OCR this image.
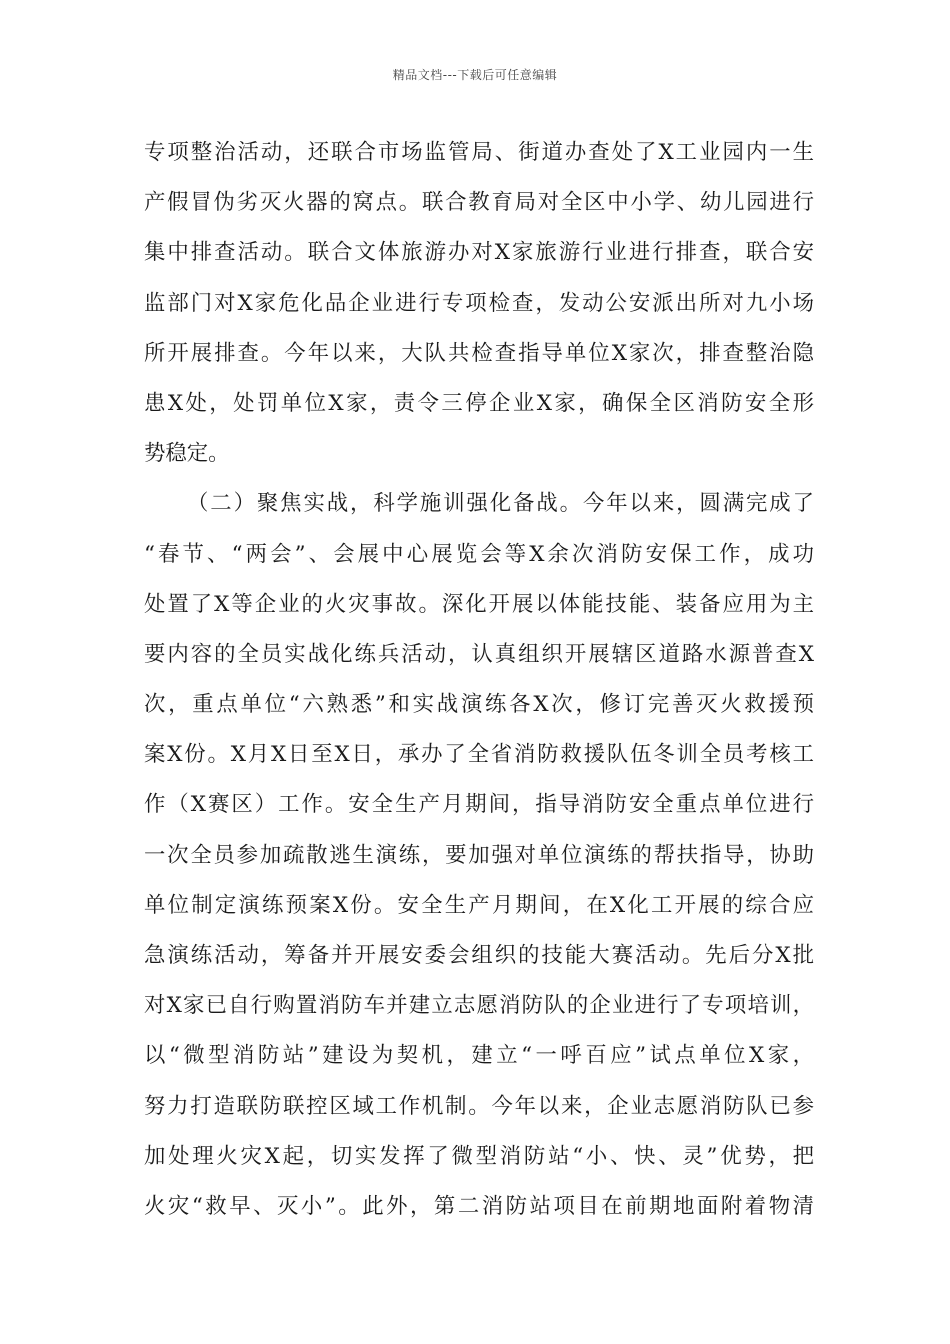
精品文档---下载后可任意编辑
专项整治活动，还联合市场监管局、街道办查处了X工业园内一生
产假冒伪劣灭火器的窝点。联合教育局对全区中小学、幼儿园进行
集中排查活动。联合文体旅游办对X家旅游行业进行排查，联合安
监部门对X家危化品企业进行专项检查，发动公安派出所对九小场
所开展排查。今年以来，大队共检查指导单位X家次，排查整治隐
患X处，处罚单位X家，责令三停企业X家，确保全区消防安全形
势稳定。
（二）聚焦实战，科学施训强化备战。今年以来，圆满完成了
“春节、“两会”、会展中心展览会等X余次消防安保工作，成功
处置了X等企业的火灾事故。深化开展以体能技能、装备应用为主
要内容的全员实战化练兵活动，认真组织开展辖区道路水源普查X
次，重点单位“六熟悉”和实战演练各X次，修订完善灭火救援预
案X份。X月X日至X日，承办了全省消防救援队伍冬训全员考核工
作（X赛区）工作。安全生产月期间，指导消防安全重点单位进行
一次全员参加疏散逃生演练，要加强对单位演练的帮扶指导，协助
单位制定演练预案X份。安全生产月期间，在X化工开展的综合应
急演练活动，筹备并开展安委会组织的技能大赛活动。先后分X批
对X家已自行购置消防车并建立志愿消防队的企业进行了专项培训，
以“微型消防站”建设为契机，建立“一呼百应”试点单位X家，
努力打造联防联控区域工作机制。今年以来，企业志愿消防队已参
加处理火灾X起，切实发挥了微型消防站“小、快、灵”优势，把
火灾“救早、灭小”。此外，第二消防站项目在前期地面附着物清
